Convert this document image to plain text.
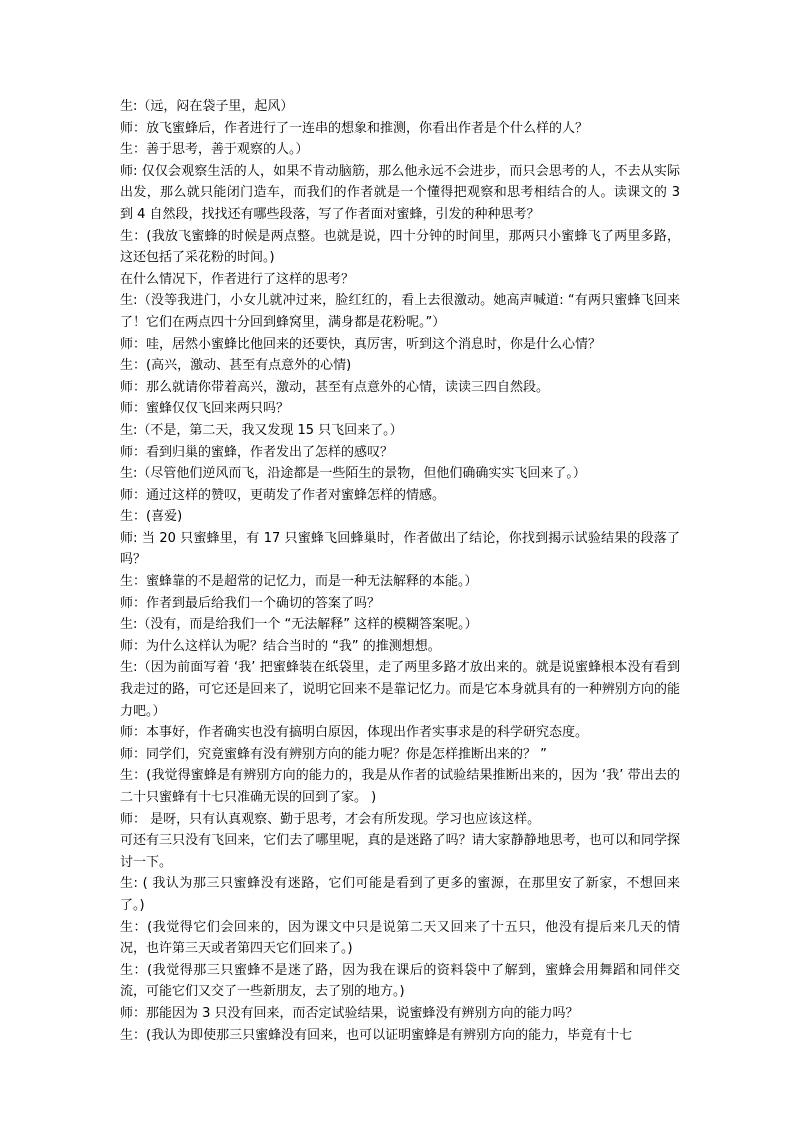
生:（远，闷在袋子里，起风）

师：放飞蜜蜂后，作者进行了一连串的想象和推测，你看出作者是个什么样的人？

生：善于思考，善于观察的人。）

师: 仅仅会观察生活的人，如果不肯动脑筋，那么他永远不会进步，而只会思考的人，不去从实际出发，那么就只能闭门造车，而我们的作者就是一个懂得把观察和思考相结合的人。读课文的 3 到 4 自然段，找找还有哪些段落，写了作者面对蜜蜂，引发的种种思考？

生：(我放飞蜜蜂的时候是两点整。也就是说，四十分钟的时间里，那两只小蜜蜂飞了两里多路，这还包括了采花粉的时间。)

在什么情况下，作者进行了这样的思考？

生:（没等我进门，小女儿就冲过来，脸红红的，看上去很激动。她高声喊道: “有两只蜜蜂飞回来了！它们在两点四十分回到蜂窝里，满身都是花粉呢。”）

师：哇，居然小蜜蜂比他回来的还要快，真厉害，听到这个消息时，你是什么心情？

生：(高兴，激动、甚至有点意外的心情)

师：那么就请你带着高兴，激动，甚至有点意外的心情，读读三四自然段。

师：蜜蜂仅仅飞回来两只吗？

生:（不是，第二天，我又发现 15 只飞回来了。）

师：看到归巢的蜜蜂，作者发出了怎样的感叹？

生:（尽管他们逆风而飞，沿途都是一些陌生的景物，但他们确确实实飞回来了。）

师：通过这样的赞叹，更萌发了作者对蜜蜂怎样的情感。

生：(喜爱)

师: 当 20 只蜜蜂里，有 17 只蜜蜂飞回蜂巢时，作者做出了结论，你找到揭示试验结果的段落了吗？

生：蜜蜂靠的不是超常的记忆力，而是一种无法解释的本能。）

师：作者到最后给我们一个确切的答案了吗？

生:（没有，而是给我们一个 “无法解释” 这样的模糊答案呢。）

师：为什么这样认为呢？结合当时的 “我” 的推测想想。

生:（因为前面写着 ‘我’ 把蜜蜂装在纸袋里，走了两里多路才放出来的。就是说蜜蜂根本没有看到我走过的路，可它还是回来了，说明它回来不是靠记忆力。而是它本身就具有的一种辨别方向的能力吧。）

师：本事好，作者确实也没有搞明白原因，体现出作者实事求是的科学研究态度。

师：同学们，究竟蜜蜂有没有辨别方向的能力呢？你是怎样推断出来的？ ”

生：(我觉得蜜蜂是有辨别方向的能力的，我是从作者的试验结果推断出来的，因为 ‘我’ 带出去的二十只蜜蜂有十七只准确无误的回到了家。 )

师： 是呀，只有认真观察、勤于思考，才会有所发现。学习也应该这样。

可还有三只没有飞回来，它们去了哪里呢，真的是迷路了吗？请大家静静地思考，也可以和同学探讨一下。

生: ( 我认为那三只蜜蜂没有迷路，它们可能是看到了更多的蜜源，在那里安了新家，不想回来了。)

生：(我觉得它们会回来的，因为课文中只是说第二天又回来了十五只，他没有提后来几天的情况，也许第三天或者第四天它们回来了。)

生：(我觉得那三只蜜蜂不是迷了路，因为我在课后的资料袋中了解到，蜜蜂会用舞蹈和同伴交流，可能它们又交了一些新朋友，去了别的地方。)

师：那能因为 3 只没有回来，而否定试验结果，说蜜蜂没有辨别方向的能力吗？

生：(我认为即使那三只蜜蜂没有回来，也可以证明蜜蜂是有辨别方向的能力，毕竟有十七
